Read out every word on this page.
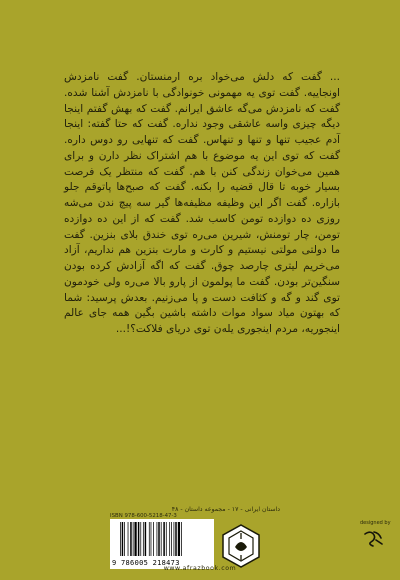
... گفت که دلش می‌خواد بره ارمنستان. گفت نامزدش اونجاییه. گفت توی یه مهمونی خونوادگی با نامزدش آشنا شده. گفت که نامزدش می‌گه عاشق ایرانم. گفت که بهش گفتم اینجا دیگه چیزی واسه عاشقی وجود نداره. گفت که حتا گفته: اینجا آدم عجیب تنها و تنها و تنهاس. گفت که تنهایی رو دوس داره. گفت که توی این یه موضوع با هم اشتراک نظر دارن و برای همین می‌خوان زندگی کنن با هم. گفت که منتظر یک فرصت بسیار خوبه تا قال قضیه را بکنه. گفت که صبح‌ها پاتوقم جلو بازاره. گفت اگر این وظیفه مظیفه‌ها گیر سه پیچ ندن می‌شه روزی ده دوازده تومن کاسب شد. گفت که از این ده دوازده تومن، چار تومنش، شیرین می‌ره توی خندق بلای بنزین. گفت ما دولتی مولتی نیستیم و کارت و مارت بنزین هم نداریم، آزاد می‌خریم لیتری چارصد چوق. گفت که اگه آزادش کرده بودن سنگین‌تر بودن. گفت ما پولمون از پارو بالا می‌ره ولی خودمون توی گند و گه و کثافت دست و پا می‌زنیم. بعدش پرسید: شما که بهتون میاد سواد موات داشته باشین بگین همه جای عالم اینجوریه، مردم اینجوری یله‌ن توی دریای فلاکت؟!...

داستان ایرانی - ۱۷ - مجموعه داستان - ۴۸
ISBN 978-600-5218-47-3
9 786005 218473
www.afrazbook.com
designed by
